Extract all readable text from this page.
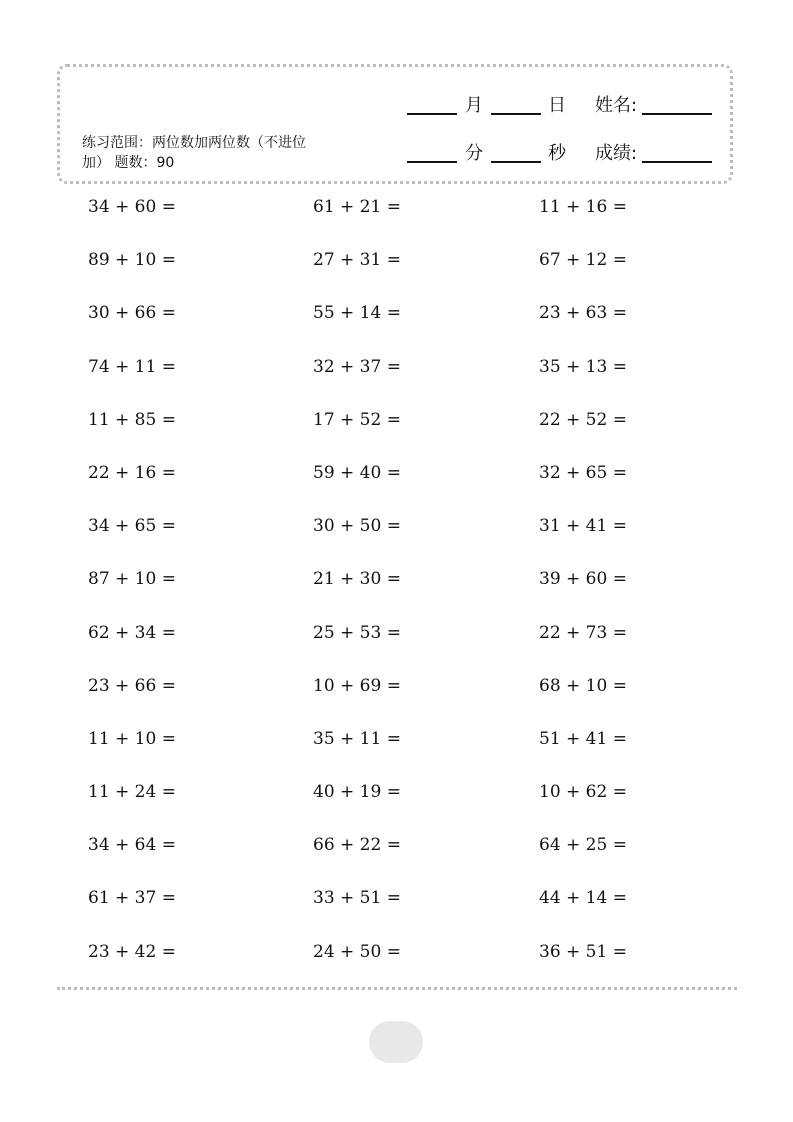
月	日 姓名:
练习范围：两位数加两位数（不进位加） 题数：90	分	秒 成绩:
34 + 60 =	61 + 21 =	11 + 16 =
89 + 10 =	27 + 31 =	67 + 12 =
30 + 66 =	55 + 14 =	23 + 63 =
74 + 11 =	32 + 37 =	35 + 13 =
11 + 85 =	17 + 52 =	22 + 52 =
22 + 16 =	59 + 40 =	32 + 65 =
34 + 65 =	30 + 50 =	31 + 41 =
87 + 10 =	21 + 30 =	39 + 60 =
62 + 34 =	25 + 53 =	22 + 73 =
23 + 66 =	10 + 69 =	68 + 10 =
11 + 10 =	35 + 11 =	51 + 41 =
11 + 24 =	40 + 19 =	10 + 62 =
34 + 64 =	66 + 22 =	64 + 25 =
61 + 37 =	33 + 51 =	44 + 14 =
23 + 42 =	24 + 50 =	36 + 51 =
